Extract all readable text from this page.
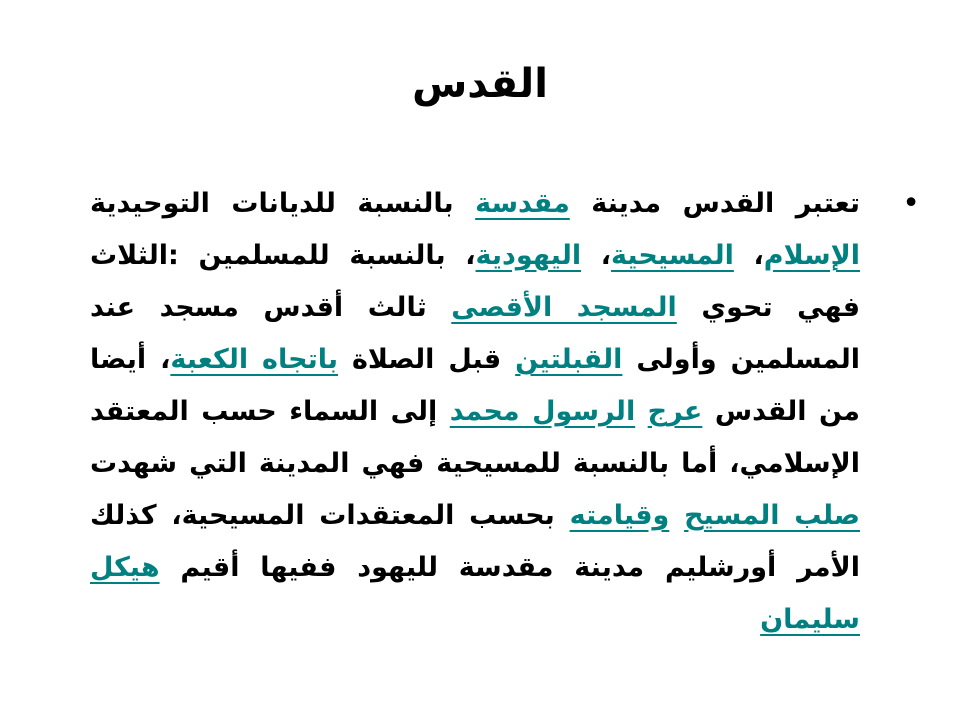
القدس
•

تعتبر القدس مدينة مقدسة بالنسبة للديانات التوحيدية الإسلام، المسيحية، اليهودية، بالنسبة للمسلمين :الثلاث فهي تحوي المسجد الأقصى ثالث أقدس مسجد عند المسلمين وأولى القبلتين قبل الصلاة باتجاه الكعبة، أيضا من القدس عرج الرسول محمد إلى السماء حسب المعتقد الإسلامي، أما بالنسبة للمسيحية فهي المدينة التي شهدت صلب المسيح وقيامته بحسب المعتقدات المسيحية، كذلك الأمر أورشليم مدينة مقدسة لليهود ففيها أقيم هيكل سليمان
